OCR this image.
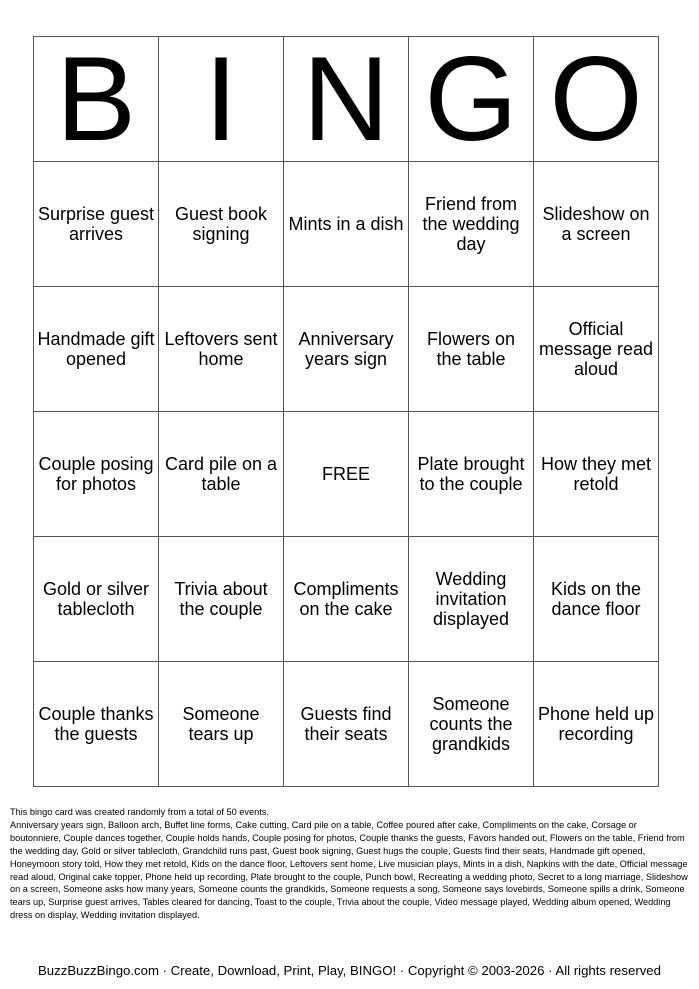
B	I	N	G	O
Surprise guest arrives	Guest book signing	Mints in a dish	Friend from the wedding day	Slideshow on a screen
Handmade gift opened	Leftovers sent home	Anniversary years sign	Flowers on the table	Official message read aloud
Couple posing for photos	Card pile on a table	FREE	Plate brought to the couple	How they met retold
Gold or silver tablecloth	Trivia about the couple	Compliments on the cake	Wedding invitation displayed	Kids on the dance floor
Couple thanks the guests	Someone tears up	Guests find their seats	Someone counts the grandkids	Phone held up recording
This bingo card was created randomly from a total of 50 events.
Anniversary years sign, Balloon arch, Buffet line forms, Cake cutting, Card pile on a table, Coffee poured after cake, Compliments on the cake, Corsage or boutonniere, Couple dances together, Couple holds hands, Couple posing for photos, Couple thanks the guests, Favors handed out, Flowers on the table, Friend from the wedding day, Gold or silver tablecloth, Grandchild runs past, Guest book signing, Guest hugs the couple, Guests find their seats, Handmade gift opened, Honeymoon story told, How they met retold, Kids on the dance floor, Leftovers sent home, Live musician plays, Mints in a dish, Napkins with the date, Official message read aloud, Original cake topper, Phone held up recording, Plate brought to the couple, Punch bowl, Recreating a wedding photo, Secret to a long marriage, Slideshow on a screen, Someone asks how many years, Someone counts the grandkids, Someone requests a song, Someone says lovebirds, Someone spills a drink, Someone tears up, Surprise guest arrives, Tables cleared for dancing, Toast to the couple, Trivia about the couple, Video message played, Wedding album opened, Wedding dress on display, Wedding invitation displayed.
BuzzBuzzBingo.com · Create, Download, Print, Play, BINGO! · Copyright © 2003-2026 · All rights reserved
